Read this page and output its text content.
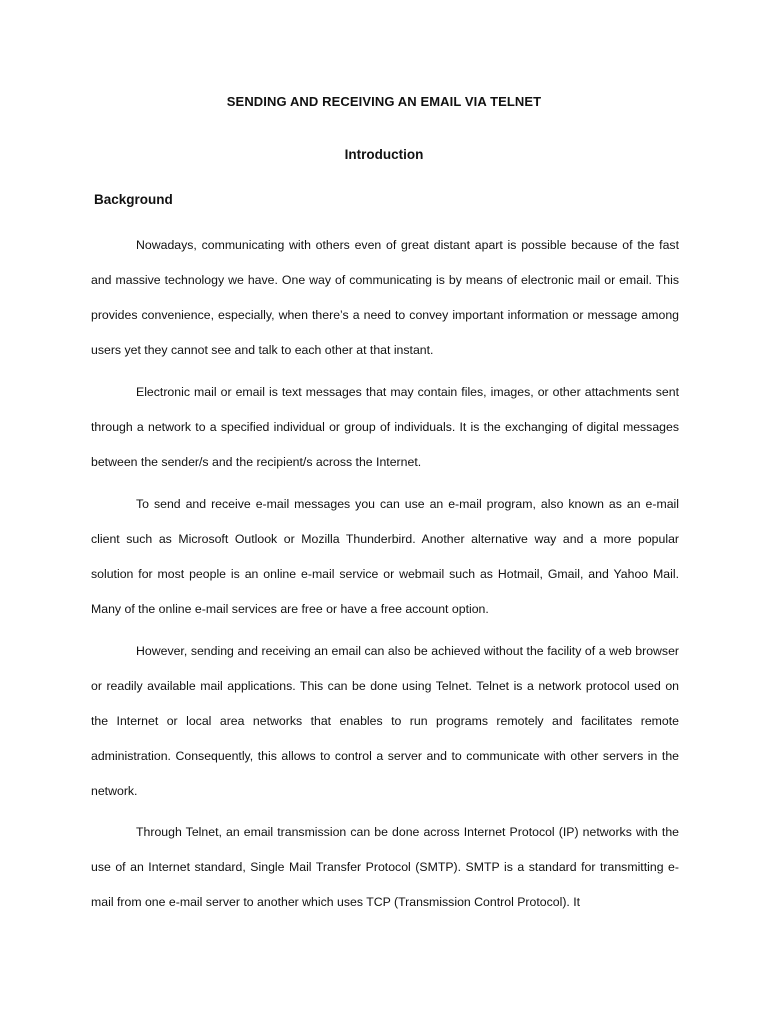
SENDING AND RECEIVING AN EMAIL VIA TELNET
Introduction
Background

Nowadays, communicating with others even of great distant apart is possible because of the fast and massive technology we have. One way of communicating is by means of electronic mail or email. This provides convenience, especially, when there’s a need to convey important information or message among users yet they cannot see and talk to each other at that instant.

Electronic mail or email is text messages that may contain files, images, or other attachments sent through a network to a specified individual or group of individuals. It is the exchanging of digital messages between the sender/s and the recipient/s across the Internet.

To send and receive e-mail messages you can use an e-mail program, also known as an e-mail client such as Microsoft Outlook or Mozilla Thunderbird. Another alternative way and a more popular solution for most people is an online e-mail service or webmail such as Hotmail, Gmail, and Yahoo Mail. Many of the online e-mail services are free or have a free account option.

However, sending and receiving an email can also be achieved without the facility of a web browser or readily available mail applications. This can be done using Telnet. Telnet is a network protocol used on the Internet or local area networks that enables to run programs remotely and facilitates remote administration. Consequently, this allows to control a server and to communicate with other servers in the network.

Through Telnet, an email transmission can be done across Internet Protocol (IP) networks with the use of an Internet standard, Single Mail Transfer Protocol (SMTP). SMTP is a standard for transmitting e-mail from one e-mail server to another which uses TCP (Transmission Control Protocol). It
